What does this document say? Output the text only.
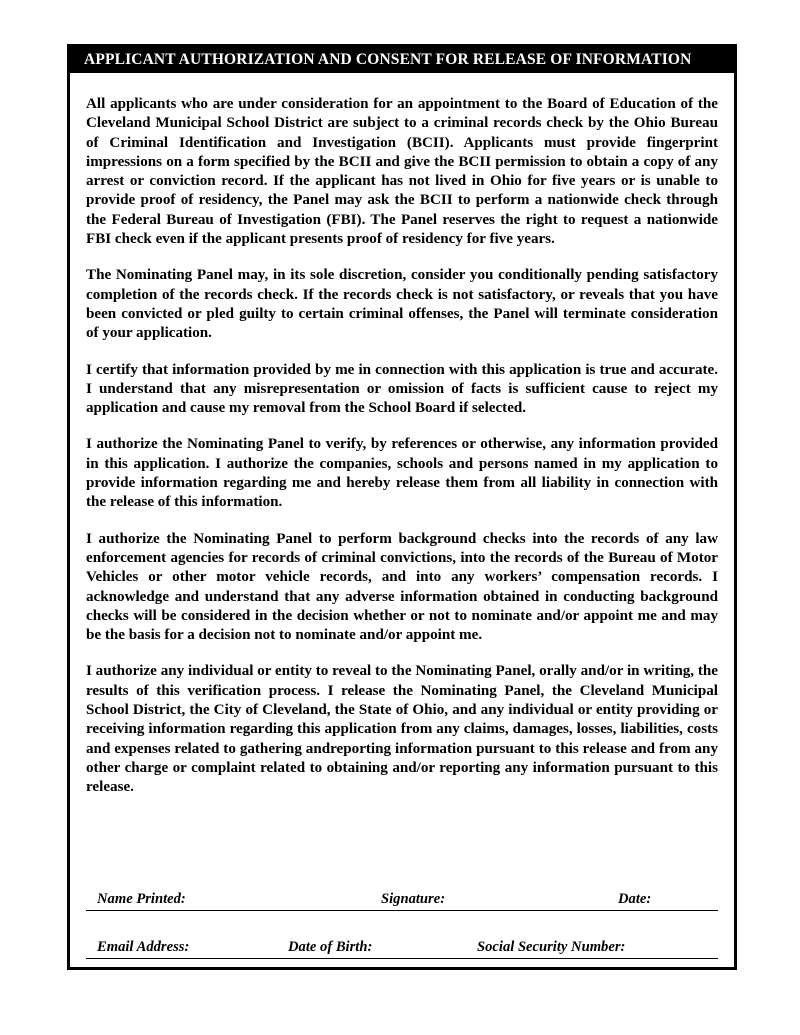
APPLICANT AUTHORIZATION AND CONSENT FOR RELEASE OF INFORMATION

All applicants who are under consideration for an appointment to the Board of Education of the Cleveland Municipal School District are subject to a criminal records check by the Ohio Bureau of Criminal Identification and Investigation (BCII). Applicants must provide fingerprint impressions on a form specified by the BCII and give the BCII permission to obtain a copy of any arrest or conviction record. If the applicant has not lived in Ohio for five years or is unable to provide proof of residency, the Panel may ask the BCII to perform a nationwide check through the Federal Bureau of Investigation (FBI). The Panel reserves the right to request a nationwide FBI check even if the applicant presents proof of residency for five years.

The Nominating Panel may, in its sole discretion, consider you conditionally pending satisfactory completion of the records check. If the records check is not satisfactory, or reveals that you have been convicted or pled guilty to certain criminal offenses, the Panel will terminate consideration of your application.

I certify that information provided by me in connection with this application is true and accurate. I understand that any misrepresentation or omission of facts is sufficient cause to reject my application and cause my removal from the School Board if selected.

I authorize the Nominating Panel to verify, by references or otherwise, any information provided in this application. I authorize the companies, schools and persons named in my application to provide information regarding me and hereby release them from all liability in connection with the release of this information.

I authorize the Nominating Panel to perform background checks into the records of any law enforcement agencies for records of criminal convictions, into the records of the Bureau of Motor Vehicles or other motor vehicle records, and into any workers’ compensation records. I acknowledge and understand that any adverse information obtained in conducting background checks will be considered in the decision whether or not to nominate and/or appoint me and may be the basis for a decision not to nominate and/or appoint me.

I authorize any individual or entity to reveal to the Nominating Panel, orally and/or in writing, the results of this verification process. I release the Nominating Panel, the Cleveland Municipal School District, the City of Cleveland, the State of Ohio, and any individual or entity providing or receiving information regarding this application from any claims, damages, losses, liabilities, costs and expenses related to gathering andreporting information pursuant to this release and from any other charge or complaint related to obtaining and/or reporting any information pursuant to this release.

Name Printed:	Signature:	Date:
Email Address:	Date of Birth:	Social Security Number:
